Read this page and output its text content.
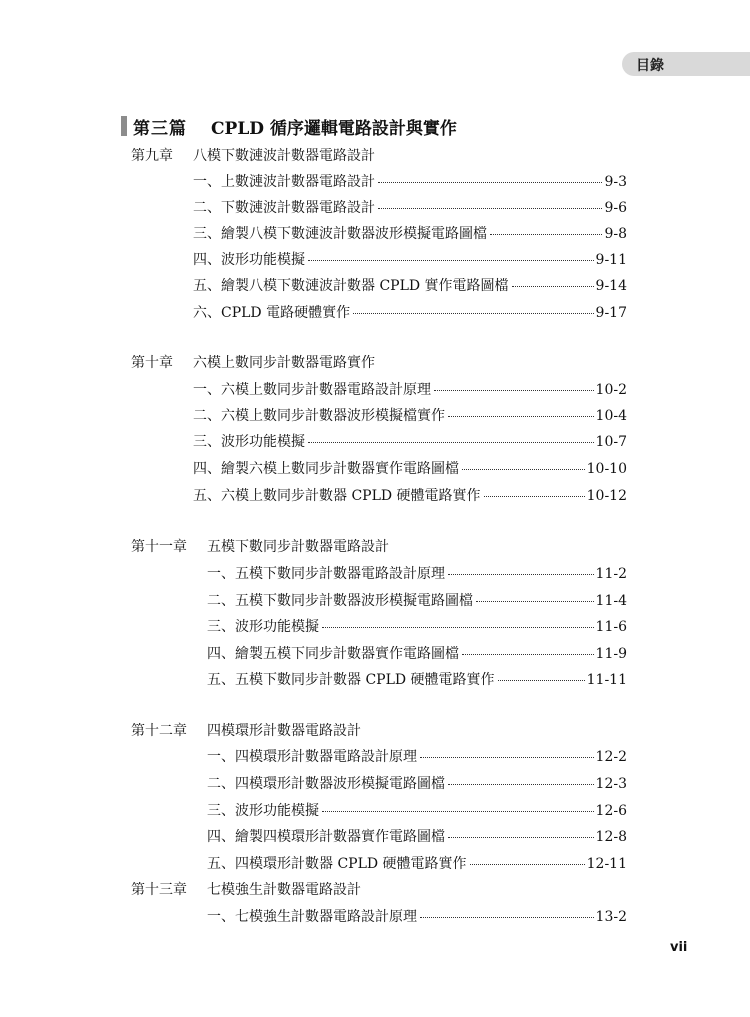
目錄
第三篇 CPLD 循序邏輯電路設計與實作
第九章	八模下數漣波計數器電路設計
一、上數漣波計數器電路設計	9-3
二、下數漣波計數器電路設計	9-6
三、繪製八模下數漣波計數器波形模擬電路圖檔	9-8
四、波形功能模擬	9-11
五、繪製八模下數漣波計數器 CPLD 實作電路圖檔	9-14
六、CPLD 電路硬體實作	9-17
第十章	六模上數同步計數器電路實作
一、六模上數同步計數器電路設計原理	10-2
二、六模上數同步計數器波形模擬檔實作	10-4
三、波形功能模擬	10-7
四、繪製六模上數同步計數器實作電路圖檔	10-10
五、六模上數同步計數器 CPLD 硬體電路實作	10-12
第十一章	五模下數同步計數器電路設計
一、五模下數同步計數器電路設計原理	11-2
二、五模下數同步計數器波形模擬電路圖檔	11-4
三、波形功能模擬	11-6
四、繪製五模下同步計數器實作電路圖檔	11-9
五、五模下數同步計數器 CPLD 硬體電路實作	11-11
第十二章	四模環形計數器電路設計
一、四模環形計數器電路設計原理	12-2
二、四模環形計數器波形模擬電路圖檔	12-3
三、波形功能模擬	12-6
四、繪製四模環形計數器實作電路圖檔	12-8
五、四模環形計數器 CPLD 硬體電路實作	12-11
第十三章	七模強生計數器電路設計
一、七模強生計數器電路設計原理	13-2
vii
